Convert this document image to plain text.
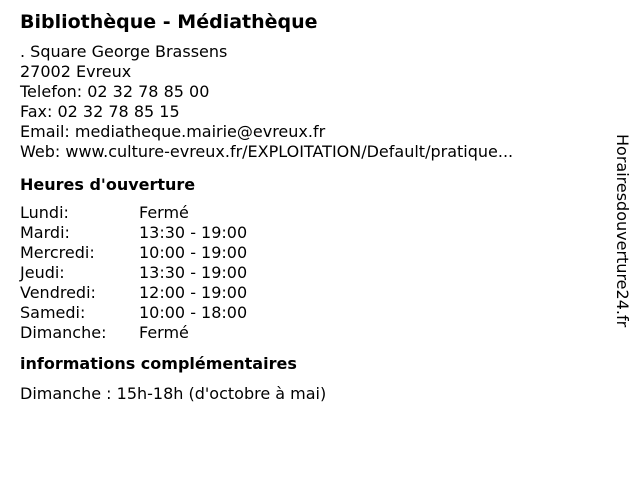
Bibliothèque - Médiathèque
. Square George Brassens
27002 Evreux
Telefon: 02 32 78 85 00
Fax: 02 32 78 85 15
Email: mediatheque.mairie@evreux.fr
Web: www.culture-evreux.fr/EXPLOITATION/Default/pratique...
Heures d'ouverture
Lundi:	Fermé
Mardi:	13:30 - 19:00
Mercredi:	10:00 - 19:00
Jeudi:	13:30 - 19:00
Vendredi:	12:00 - 19:00
Samedi:	10:00 - 18:00
Dimanche: Fermé
informations complémentaires
Dimanche : 15h-18h (d'octobre à mai)
Horairesdouverture24.fr
